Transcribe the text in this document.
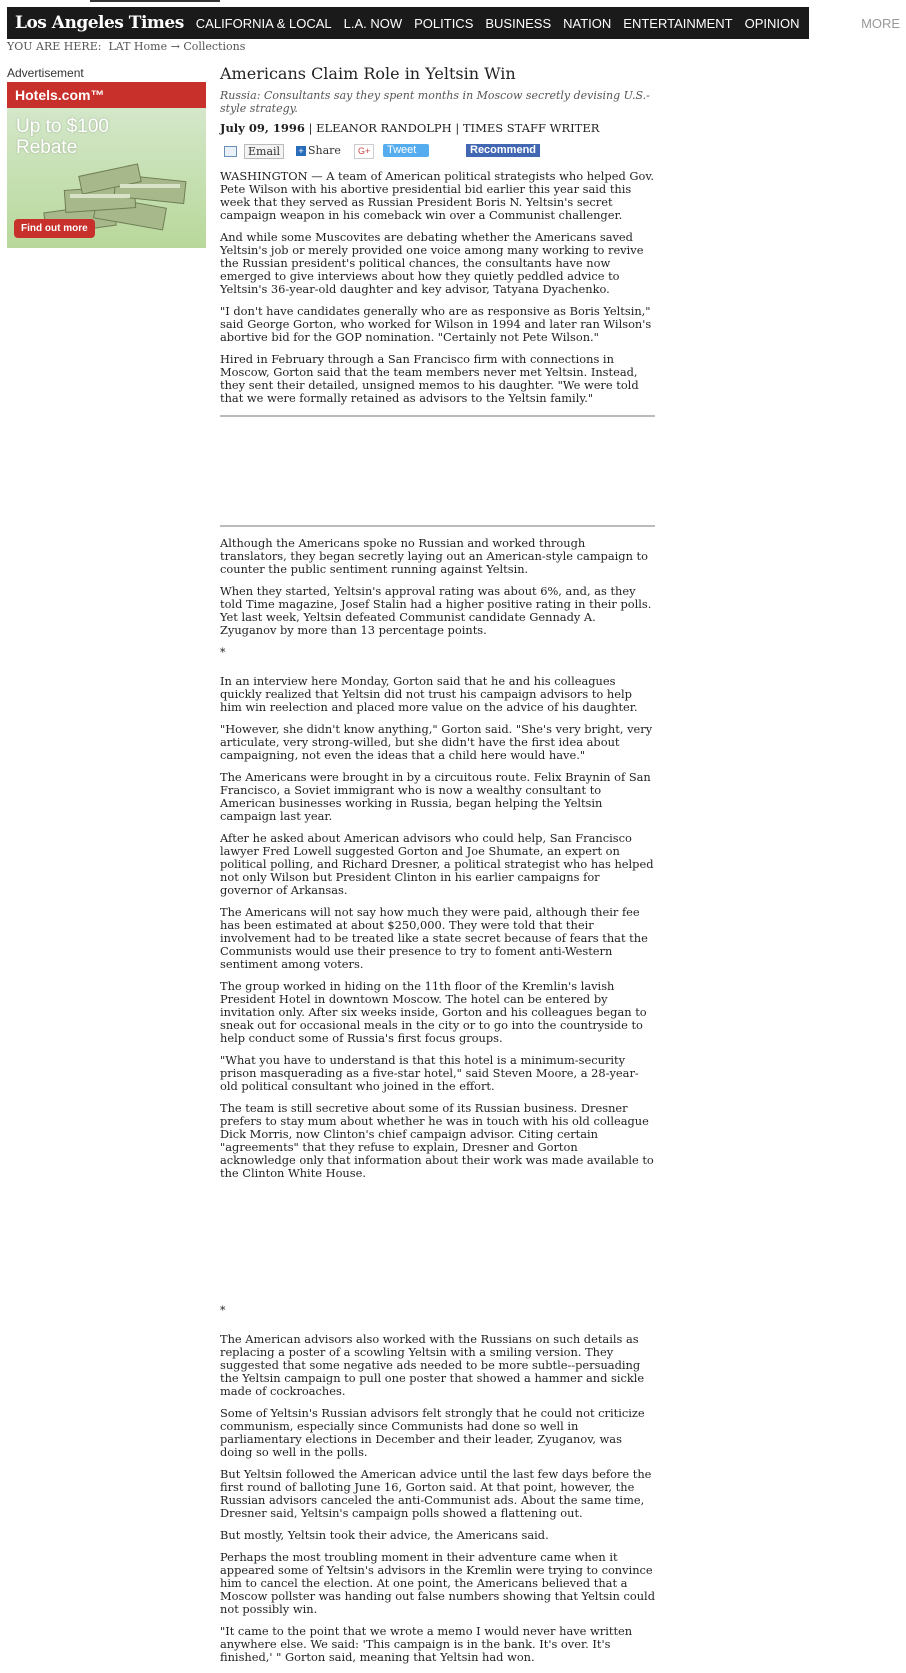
Los Angeles Times CALIFORNIA & LOCAL L.A. NOW POLITICS BUSINESS NATION ENTERTAINMENT OPINION FOOD MORE
YOU ARE HERE: LAT Home → Collections
Advertisement
Hotels.com™
Up to $100
Rebate
Find out more
Americans Claim Role in Yeltsin Win
Russia: Consultants say they spent months in Moscow secretly devising U.S.-style strategy.
July 09, 1996 | ELEANOR RANDOLPH | TIMES STAFF WRITER
Email	+ Share	G+	Tweet	Recommend

WASHINGTON — A team of American political strategists who helped Gov. Pete Wilson with his abortive presidential bid earlier this year said this week that they served as Russian President Boris N. Yeltsin's secret campaign weapon in his comeback win over a Communist challenger.

And while some Muscovites are debating whether the Americans saved Yeltsin's job or merely provided one voice among many working to revive the Russian president's political chances, the consultants have now emerged to give interviews about how they quietly peddled advice to Yeltsin's 36-year-old daughter and key advisor, Tatyana Dyachenko.

"I don't have candidates generally who are as responsive as Boris Yeltsin," said George Gorton, who worked for Wilson in 1994 and later ran Wilson's abortive bid for the GOP nomination. "Certainly not Pete Wilson."

Hired in February through a San Francisco firm with connections in Moscow, Gorton said that the team members never met Yeltsin. Instead, they sent their detailed, unsigned memos to his daughter. "We were told that we were formally retained as advisors to the Yeltsin family."

Although the Americans spoke no Russian and worked through translators, they began secretly laying out an American-style campaign to counter the public sentiment running against Yeltsin.

When they started, Yeltsin's approval rating was about 6%, and, as they told Time magazine, Josef Stalin had a higher positive rating in their polls. Yet last week, Yeltsin defeated Communist candidate Gennady A. Zyuganov by more than 13 percentage points.

*

In an interview here Monday, Gorton said that he and his colleagues quickly realized that Yeltsin did not trust his campaign advisors to help him win reelection and placed more value on the advice of his daughter.

"However, she didn't know anything," Gorton said. "She's very bright, very articulate, very strong-willed, but she didn't have the first idea about campaigning, not even the ideas that a child here would have."

The Americans were brought in by a circuitous route. Felix Braynin of San Francisco, a Soviet immigrant who is now a wealthy consultant to American businesses working in Russia, began helping the Yeltsin campaign last year.

After he asked about American advisors who could help, San Francisco lawyer Fred Lowell suggested Gorton and Joe Shumate, an expert on political polling, and Richard Dresner, a political strategist who has helped not only Wilson but President Clinton in his earlier campaigns for governor of Arkansas.

The Americans will not say how much they were paid, although their fee has been estimated at about $250,000. They were told that their involvement had to be treated like a state secret because of fears that the Communists would use their presence to try to foment anti-Western sentiment among voters.

The group worked in hiding on the 11th floor of the Kremlin's lavish President Hotel in downtown Moscow. The hotel can be entered by invitation only. After six weeks inside, Gorton and his colleagues began to sneak out for occasional meals in the city or to go into the countryside to help conduct some of Russia's first focus groups.

"What you have to understand is that this hotel is a minimum-security prison masquerading as a five-star hotel," said Steven Moore, a 28-year-old political consultant who joined in the effort.

The team is still secretive about some of its Russian business. Dresner prefers to stay mum about whether he was in touch with his old colleague Dick Morris, now Clinton's chief campaign advisor. Citing certain "agreements" that they refuse to explain, Dresner and Gorton acknowledge only that information about their work was made available to the Clinton White House.

*

The American advisors also worked with the Russians on such details as replacing a poster of a scowling Yeltsin with a smiling version. They suggested that some negative ads needed to be more subtle--persuading the Yeltsin campaign to pull one poster that showed a hammer and sickle made of cockroaches.

Some of Yeltsin's Russian advisors felt strongly that he could not criticize communism, especially since Communists had done so well in parliamentary elections in December and their leader, Zyuganov, was doing so well in the polls.

But Yeltsin followed the American advice until the last few days before the first round of balloting June 16, Gorton said. At that point, however, the Russian advisors canceled the anti-Communist ads. About the same time, Dresner said, Yeltsin's campaign polls showed a flattening out.

But mostly, Yeltsin took their advice, the Americans said.

Perhaps the most troubling moment in their adventure came when it appeared some of Yeltsin's advisors in the Kremlin were trying to convince him to cancel the election. At one point, the Americans believed that a Moscow pollster was handing out false numbers showing that Yeltsin could not possibly win.

"It came to the point that we wrote a memo I would never have written anywhere else. We said: 'This campaign is in the bank. It's over. It's finished,' " Gorton said, meaning that Yeltsin had won.
